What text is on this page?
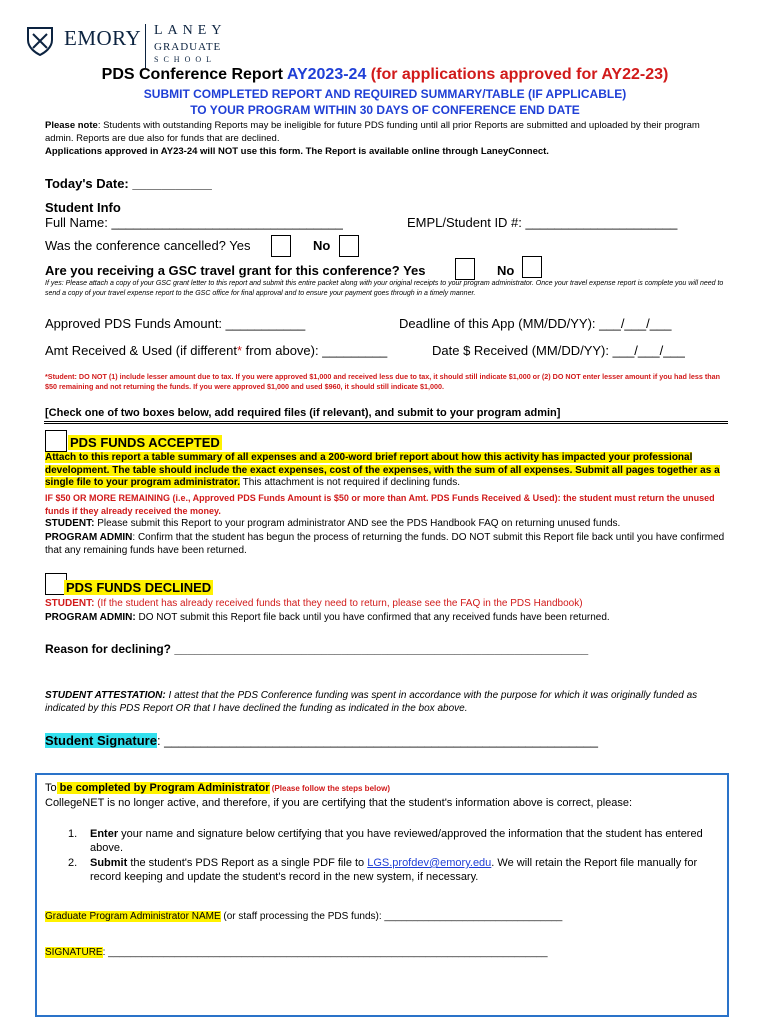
EMORY LANEY
GRADUATE
SCHOOL
PDS Conference Report AY2023-24 (for applications approved for AY22-23)
SUBMIT COMPLETED REPORT AND REQUIRED SUMMARY/TABLE (IF APPLICABLE)
TO YOUR PROGRAM WITHIN 30 DAYS OF CONFERENCE END DATE
Please note: Students with outstanding Reports may be ineligible for future PDS funding until all prior Reports are submitted and uploaded by their program admin. Reports are due also for funds that are declined.
Applications approved in AY23-24 will NOT use this form. The Report is available online through LaneyConnect.
Today's Date: ___________
Student Info
Full Name: ________________________________	EMPL/Student ID #: _____________________
Was the conference cancelled? Yes	No
Are you receiving a GSC travel grant for this conference? Yes	No
If yes: Please attach a copy of your GSC grant letter to this report and submit this entire packet along with your original receipts to your program administrator. Once your travel expense report is complete you will need to send a copy of your travel expense report to the GSC office for final approval and to ensure your payment goes through in a timely manner.
Approved PDS Funds Amount: ___________	Deadline of this App (MM/DD/YY): ___/___/___
Amt Received & Used (if different* from above): _________	Date $ Received (MM/DD/YY): ___/___/___
*Student: DO NOT (1) include lesser amount due to tax. If you were approved $1,000 and received less due to tax, it should still indicate $1,000 or (2) DO NOT enter lesser amount if you had less than $50 remaining and not returning the funds. If you were approved $1,000 and used $960, it should still indicate $1,000.
[Check one of two boxes below, add required files (if relevant), and submit to your program admin]
PDS FUNDS ACCEPTED
Attach to this report a table summary of all expenses and a 200-word brief report about how this activity has impacted your professional development. The table should include the exact expenses, cost of the expenses, with the sum of all expenses. Submit all pages together as a single file to your program administrator. This attachment is not required if declining funds.
IF $50 OR MORE REMAINING (i.e., Approved PDS Funds Amount is $50 or more than Amt. PDS Funds Received & Used): the student must return the unused funds if they already received the money.
STUDENT: Please submit this Report to your program administrator AND see the PDS Handbook FAQ on returning unused funds.
PROGRAM ADMIN: Confirm that the student has begun the process of returning the funds. DO NOT submit this Report file back until you have confirmed that any remaining funds have been returned.
PDS FUNDS DECLINED
STUDENT: (If the student has already received funds that they need to return, please see the FAQ in the PDS Handbook)
PROGRAM ADMIN: DO NOT submit this Report file back until you have confirmed that any received funds have been returned.
Reason for declining? ______________________________________________________________
STUDENT ATTESTATION: I attest that the PDS Conference funding was spent in accordance with the purpose for which it was originally funded as indicated by this PDS Report OR that I have declined the funding as indicated in the box above.
Student Signature: ____________________________________________________________
To be completed by Program Administrator (Please follow the steps below)
CollegeNET is no longer active, and therefore, if you are certifying that the student's information above is correct, please:
1. Enter your name and signature below certifying that you have reviewed/approved the information that the student has entered above.
2. Submit the student's PDS Report as a single PDF file to LGS.profdev@emory.edu. We will retain the Report file manually for record keeping and update the student's record in the new system, if necessary.
Graduate Program Administrator NAME (or staff processing the PDS funds): ________________________________
SIGNATURE: _______________________________________________________________________________
